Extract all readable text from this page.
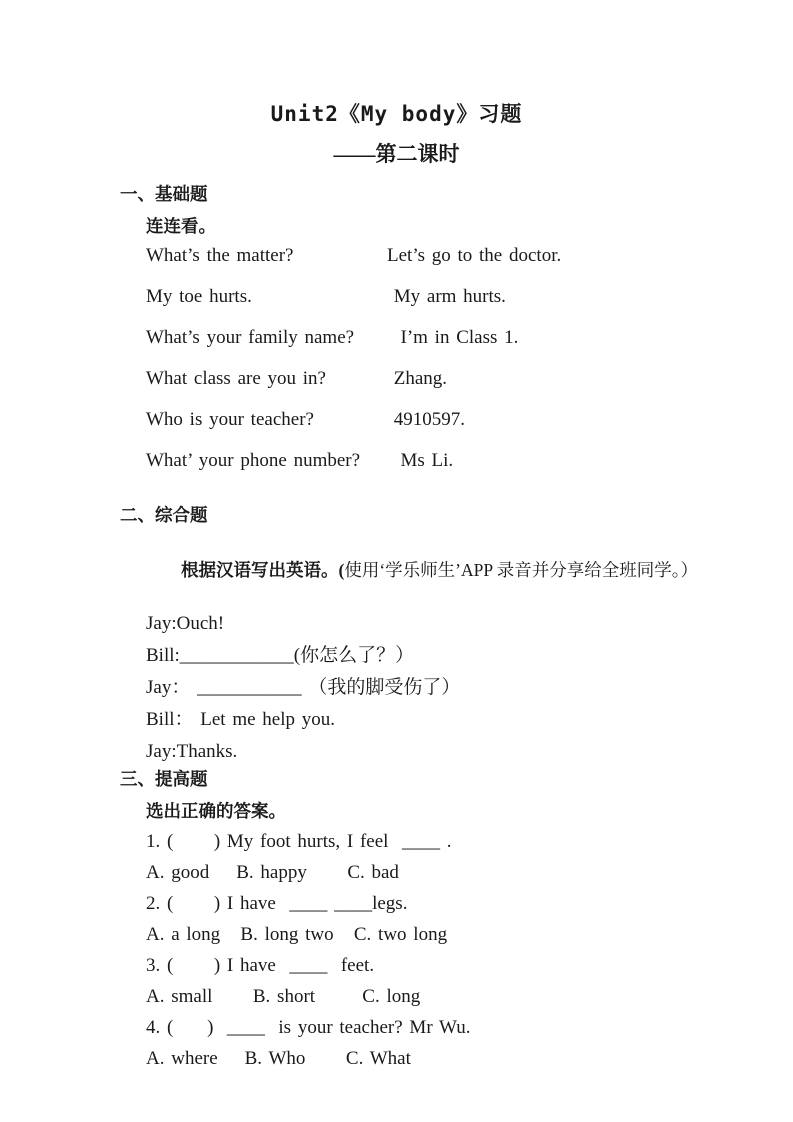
Unit2《My body》习题
——第二课时
一、基础题
连连看。
What’s the matter?	Let’s go to the doctor.
My toe hurts.	My arm hurts.
What’s your family name?	I’m in Class 1.
What class are you in?	Zhang.
Who is your teacher?	4910597.
What’ your phone number?	Ms Li.
二、综合题

根据汉语写出英语。(使用‘学乐师生’APP 录音并分享给全班同学。）

Jay:Ouch!
Bill:____________(你怎么了？）
Jay： ___________ （我的脚受伤了）
Bill： Let me help you.
Jay:Thanks.
三、提高题
选出正确的答案。
1. (      ) My foot hurts, I feel  ____ .
A. good    B. happy      C. bad
2. (      ) I have  ____ ____legs.
A. a long   B. long two   C. two long
3. (      ) I have  ____  feet.
A. small      B. short       C. long
4. (     )  ____  is your teacher? Mr Wu.
A. where    B. Who      C. What
